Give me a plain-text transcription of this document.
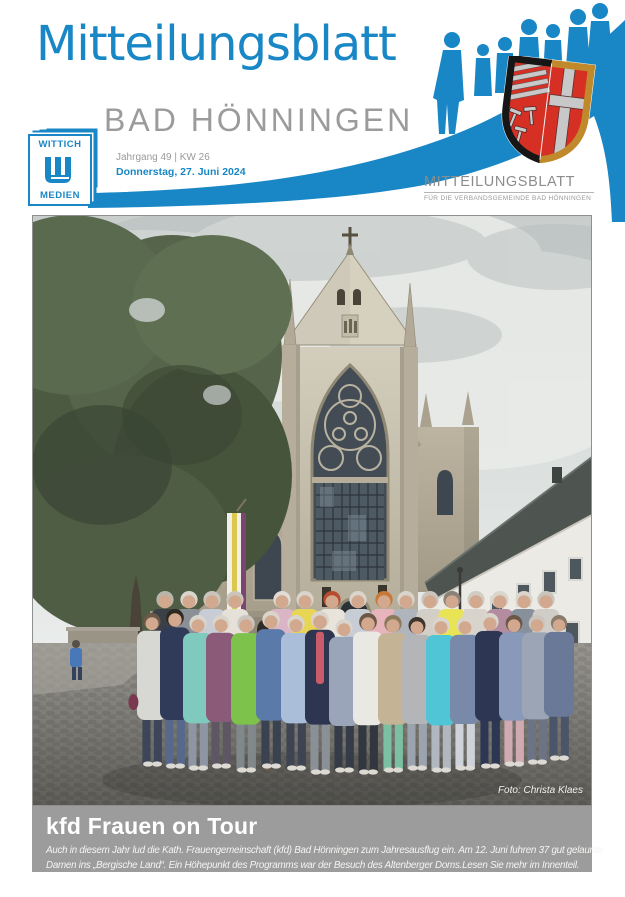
Mitteilungsblatt
BAD HÖNNINGEN
WITTICH
MEDIEN
Jahrgang 49 | KW 26
Donnerstag, 27. Juni 2024
MITTEILUNGSBLATT
FÜR DIE VERBANDSGEMEINDE BAD HÖNNINGEN
Foto: Christa Klaes
kfd Frauen on Tour

Auch in diesem Jahr lud die Kath. Frauengemeinschaft (kfd) Bad Hönningen zum Jahresausflug ein. Am 12. Juni fuhren 37 gut gelaunte
Damen ins „Bergische Land“. Ein Höhepunkt des Programms war der Besuch des Altenberger Doms. Lesen Sie mehr im Innenteil.
